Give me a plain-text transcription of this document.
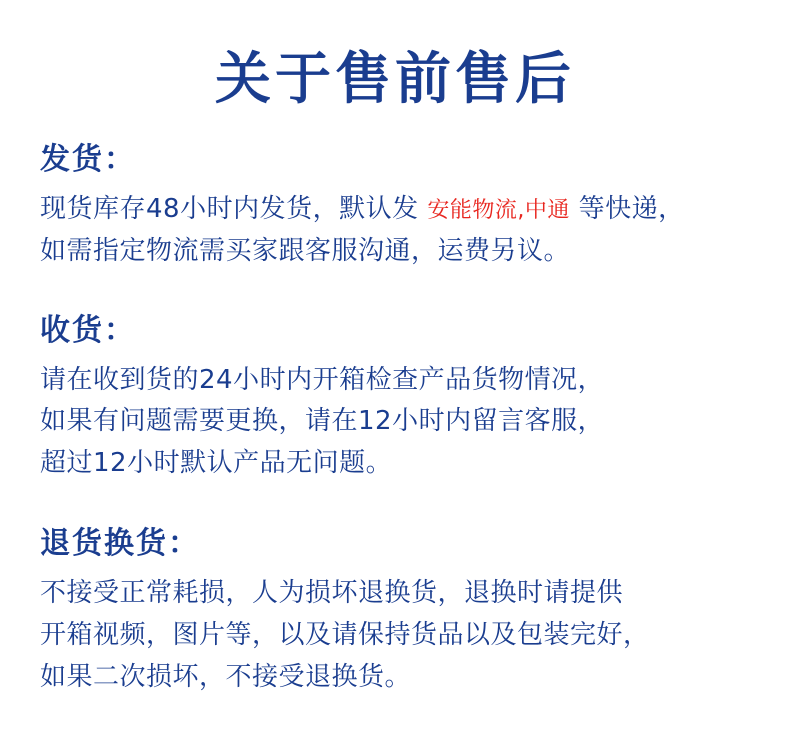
关于售前售后
发货：
现货库存48小时内发货，默认发 安能物流,中通 等快递，
如需指定物流需买家跟客服沟通，运费另议。
收货：
请在收到货的24小时内开箱检查产品货物情况，
如果有问题需要更换，请在12小时内留言客服，
超过12小时默认产品无问题。
退货换货：
不接受正常耗损，人为损坏退换货，退换时请提供
开箱视频，图片等，以及请保持货品以及包装完好，
如果二次损坏，不接受退换货。
